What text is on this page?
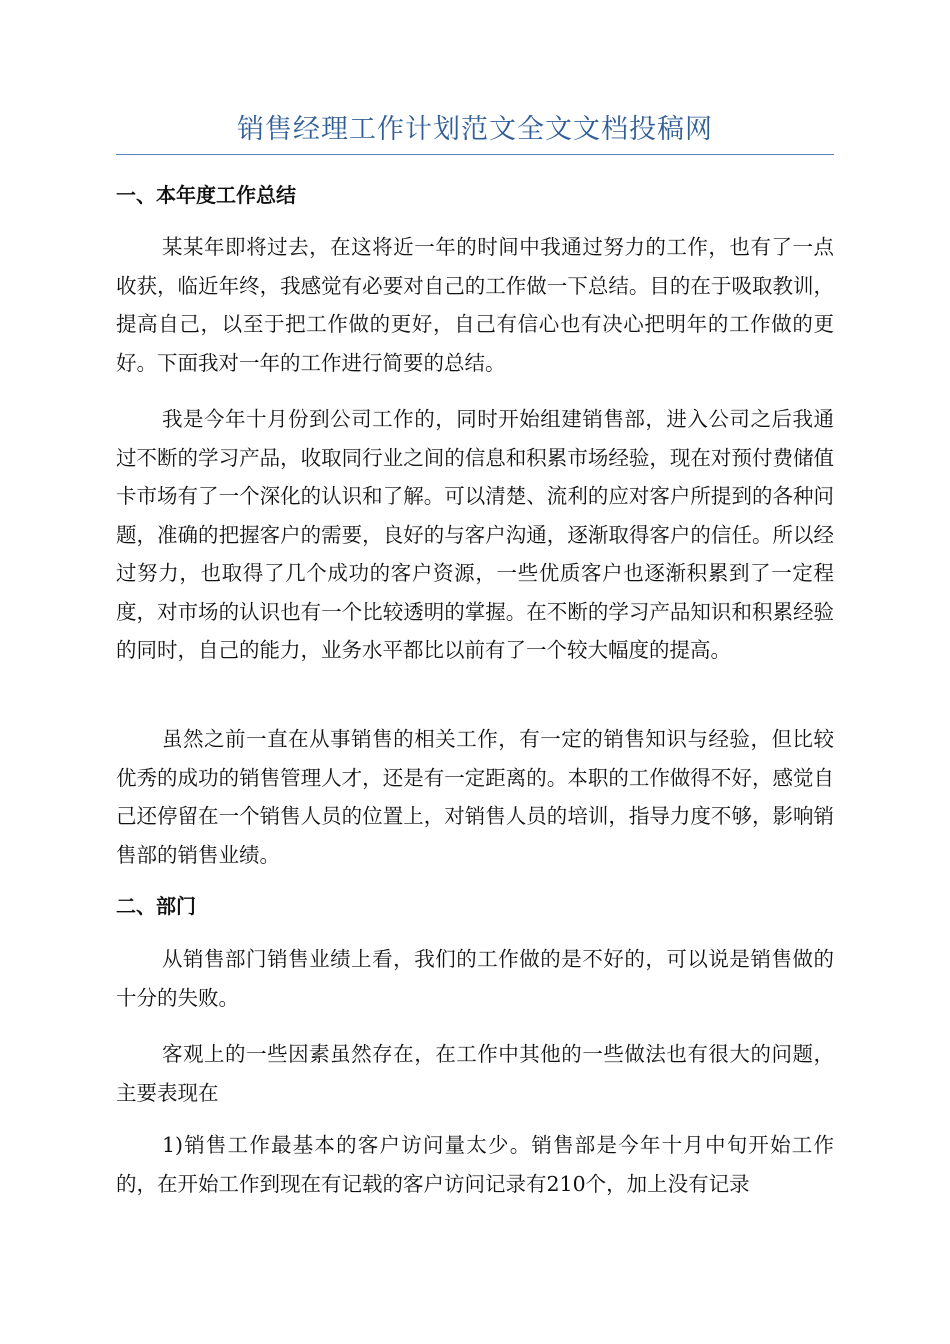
销售经理工作计划范文全文文档投稿网
一、本年度工作总结

某某年即将过去，在这将近一年的时间中我通过努力的工作，也有了一点收获，临近年终，我感觉有必要对自己的工作做一下总结。目的在于吸取教训，提高自己，以至于把工作做的更好，自己有信心也有决心把明年的工作做的更好。下面我对一年的工作进行简要的总结。

我是今年十月份到公司工作的，同时开始组建销售部，进入公司之后我通过不断的学习产品，收取同行业之间的信息和积累市场经验，现在对预付费储值卡市场有了一个深化的认识和了解。可以清楚、流利的应对客户所提到的各种问题，准确的把握客户的需要，良好的与客户沟通，逐渐取得客户的信任。所以经过努力，也取得了几个成功的客户资源，一些优质客户也逐渐积累到了一定程度，对市场的认识也有一个比较透明的掌握。在不断的学习产品知识和积累经验的同时，自己的能力，业务水平都比以前有了一个较大幅度的提高。

虽然之前一直在从事销售的相关工作，有一定的销售知识与经验，但比较优秀的成功的销售管理人才，还是有一定距离的。本职的工作做得不好，感觉自己还停留在一个销售人员的位置上，对销售人员的培训，指导力度不够，影响销售部的销售业绩。

二、部门

从销售部门销售业绩上看，我们的工作做的是不好的，可以说是销售做的十分的失败。

客观上的一些因素虽然存在，在工作中其他的一些做法也有很大的问题，主要表现在

1)销售工作最基本的客户访问量太少。销售部是今年十月中旬开始工作的，在开始工作到现在有记载的客户访问记录有210个，加上没有记录
